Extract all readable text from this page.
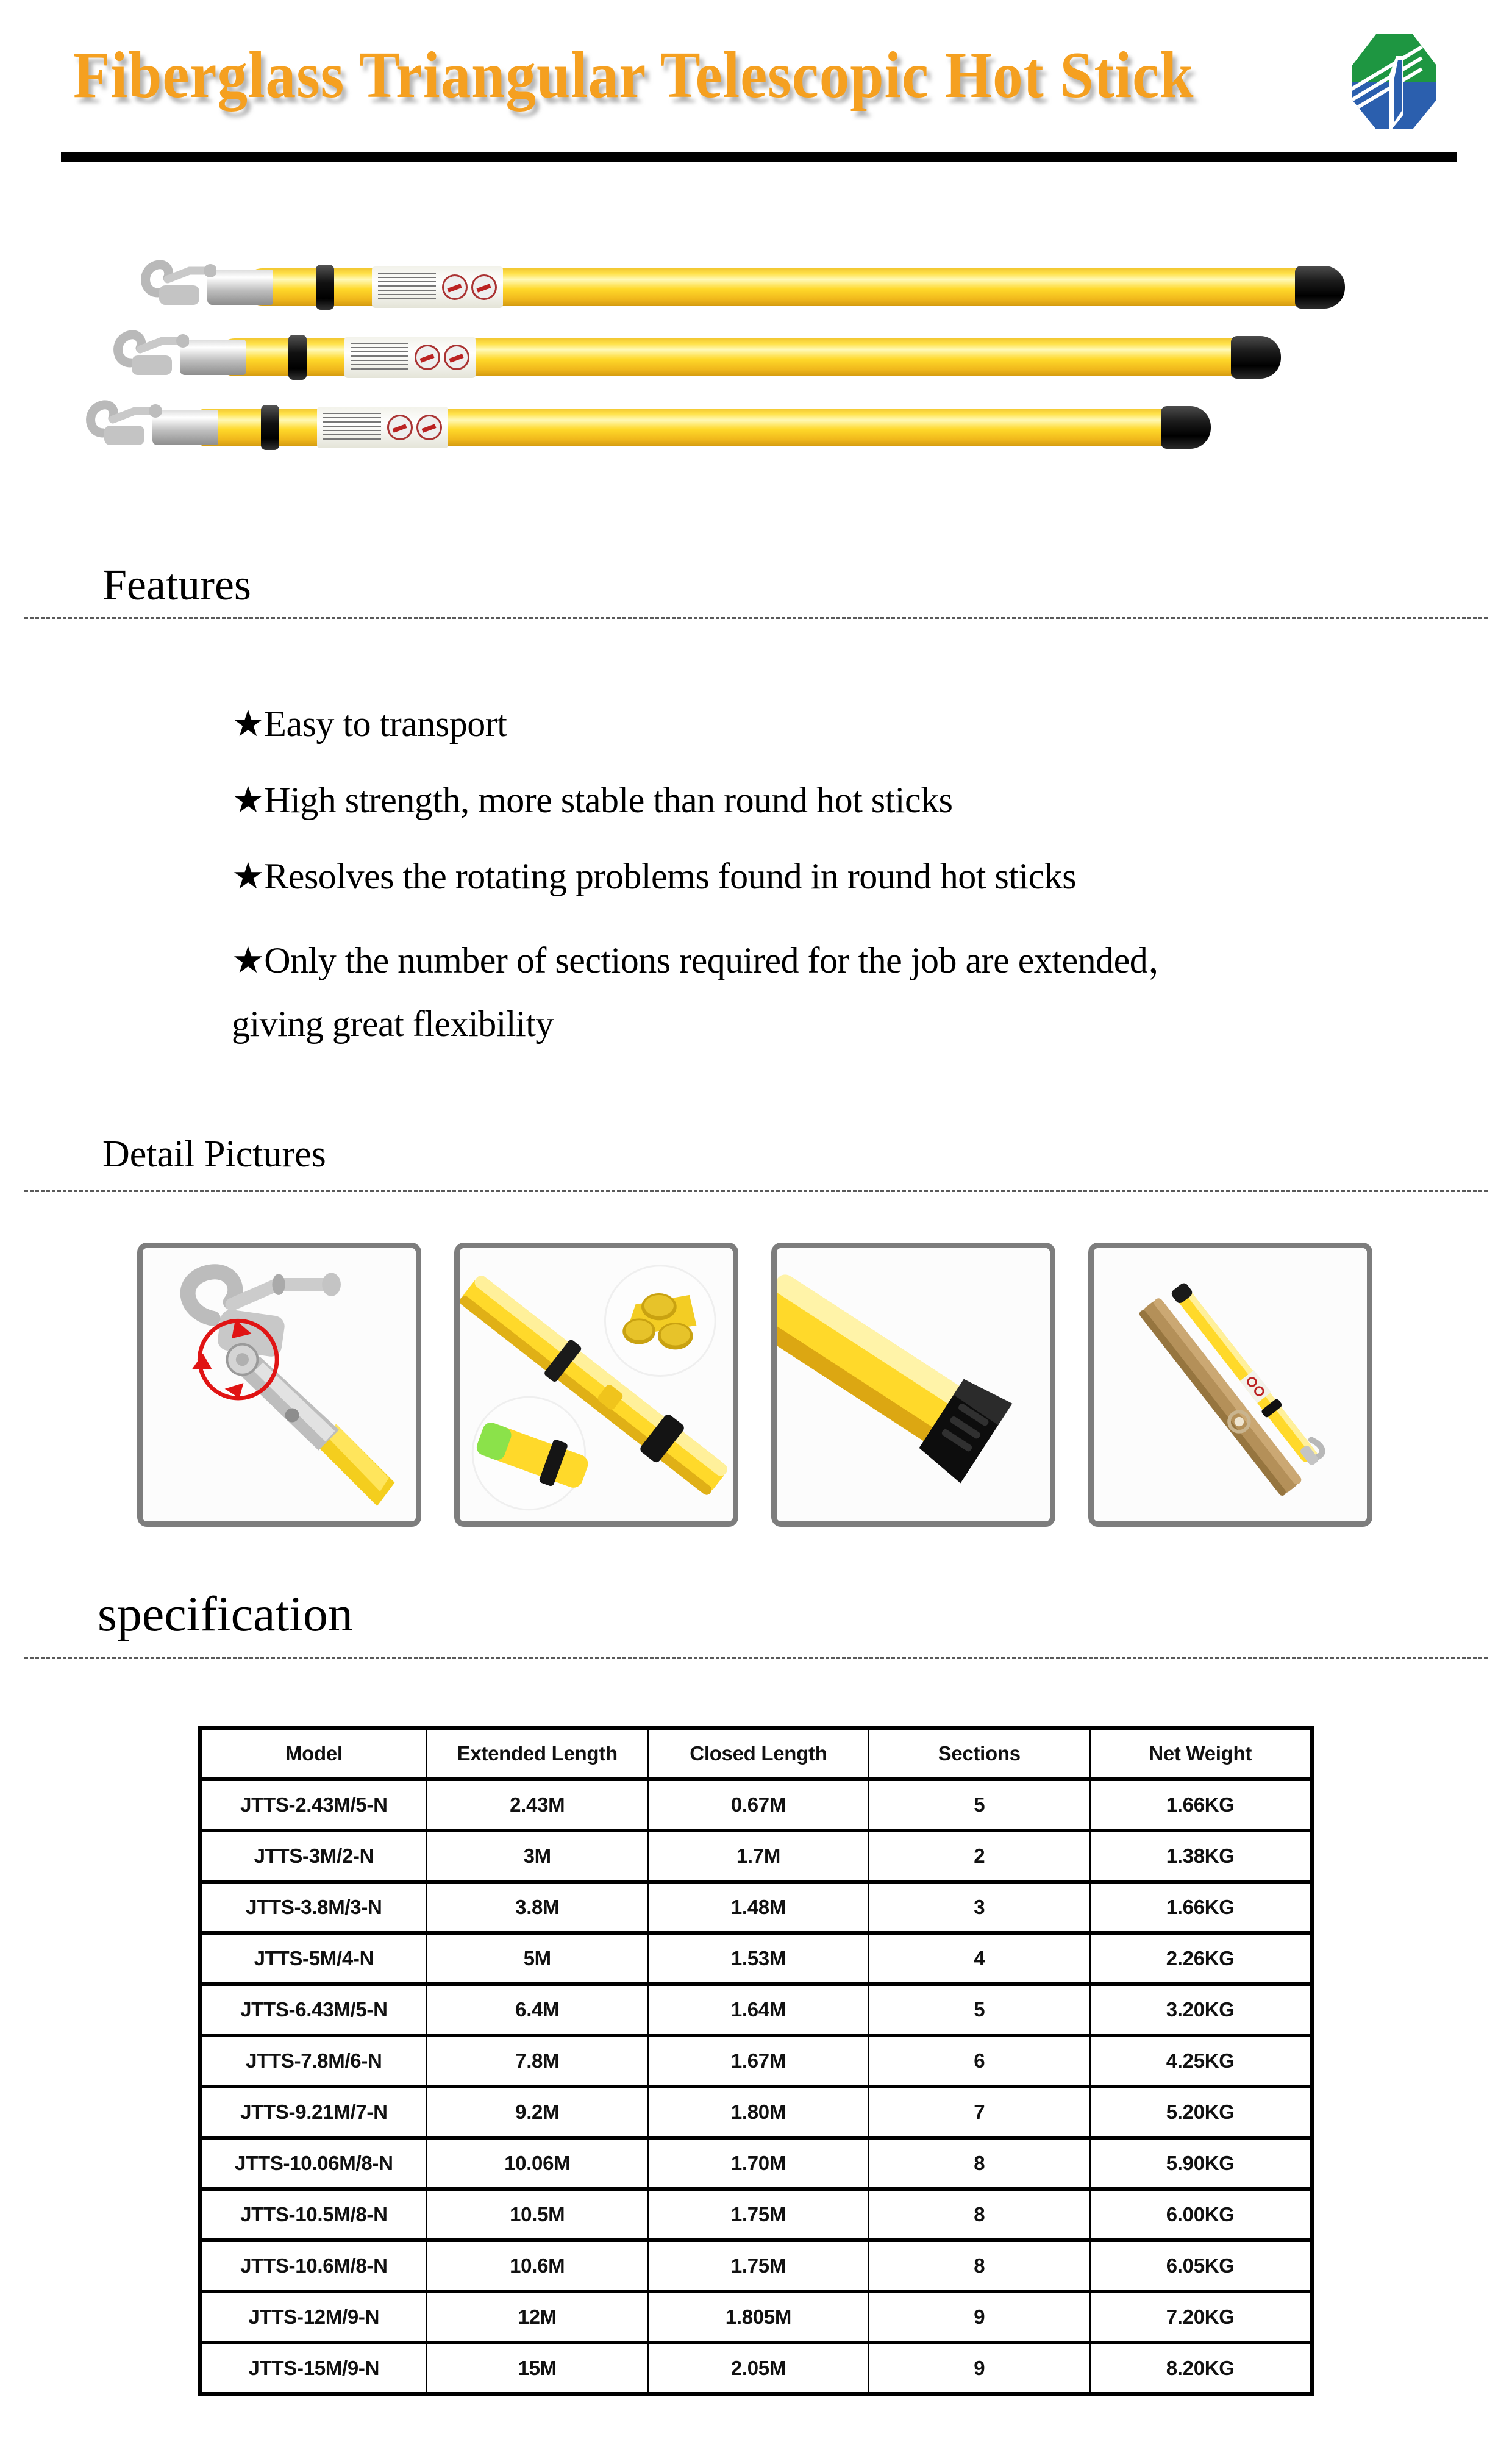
Fiberglass Triangular Telescopic Hot Stick
Features
★Easy to transport
★High strength, more stable than round hot sticks
★Resolves the rotating problems found in round hot sticks
★Only the number of sections required for the job are extended，
giving great flexibility
Detail Pictures
specification
Model	Extended Length	Closed Length	Sections	Net Weight
JTTS-2.43M/5-N	2.43M	0.67M	5	1.66KG
JTTS-3M/2-N	3M	1.7M	2	1.38KG
JTTS-3.8M/3-N	3.8M	1.48M	3	1.66KG
JTTS-5M/4-N	5M	1.53M	4	2.26KG
JTTS-6.43M/5-N	6.4M	1.64M	5	3.20KG
JTTS-7.8M/6-N	7.8M	1.67M	6	4.25KG
JTTS-9.21M/7-N	9.2M	1.80M	7	5.20KG
JTTS-10.06M/8-N	10.06M	1.70M	8	5.90KG
JTTS-10.5M/8-N	10.5M	1.75M	8	6.00KG
JTTS-10.6M/8-N	10.6M	1.75M	8	6.05KG
JTTS-12M/9-N	12M	1.805M	9	7.20KG
JTTS-15M/9-N	15M	2.05M	9	8.20KG
